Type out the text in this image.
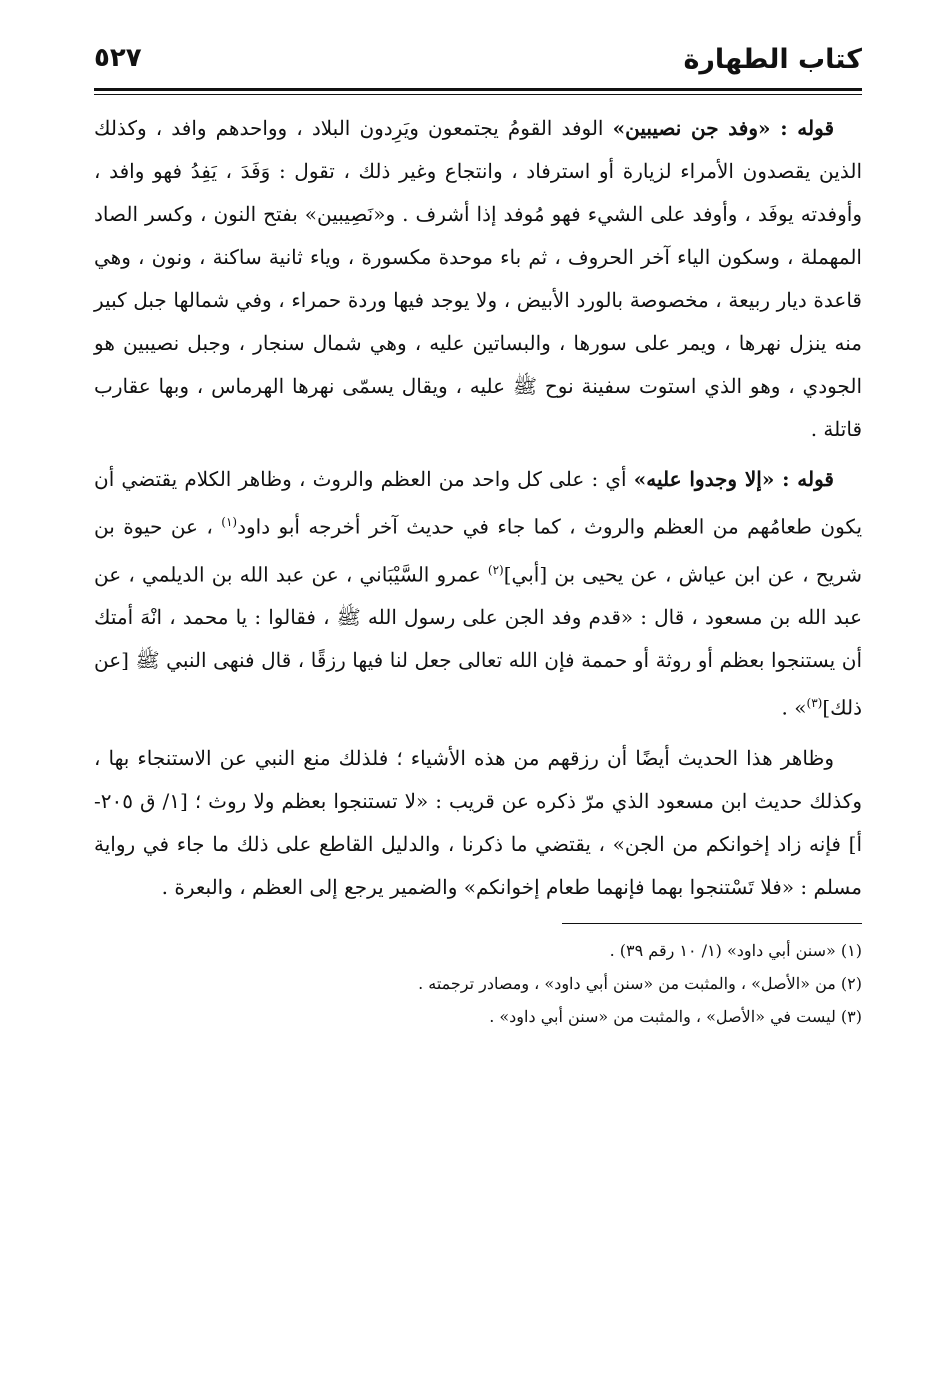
كتاب الطهارة
٥٢٧

قوله : «وفد جن نصيبين» الوفد القومُ يجتمعون ويَرِدون البلاد ، وواحدهم وافد ، وكذلك الذين يقصدون الأمراء لزيارة أو استرفاد ، وانتجاع وغير ذلك ، تقول : وَفَدَ ، يَفِدُ فهو وافد ، وأوفدته يوفَد ، وأوفد على الشيء فهو مُوفد إذا أشرف . و«نَصِيبين» بفتح النون ، وكسر الصاد المهملة ، وسكون الياء آخر الحروف ، ثم باء موحدة مكسورة ، وياء ثانية ساكنة ، ونون ، وهي قاعدة ديار ربيعة ، مخصوصة بالورد الأبيض ، ولا يوجد فيها وردة حمراء ، وفي شمالها جبل كبير منه ينزل نهرها ، ويمر على سورها ، والبساتين عليه ، وهي شمال سنجار ، وجبل نصيبين هو الجودي ، وهو الذي استوت سفينة نوح ﷺ عليه ، ويقال يسمّى نهرها الهرماس ، وبها عقارب قاتلة .

قوله : «إلا وجدوا عليه» أي : على كل واحد من العظم والروث ، وظاهر الكلام يقتضي أن يكون طعامُهم من العظم والروث ، كما جاء في حديث آخر أخرجه أبو داود$^{(١)}$ ، عن حيوة بن شريح ، عن ابن عياش ، عن يحيى بن [أبي]$^{(٢)}$ عمرو السَّيْبَاني ، عن عبد الله بن الديلمي ، عن عبد الله بن مسعود ، قال : «قدم وفد الجن على رسول الله ﷺ ، فقالوا : يا محمد ، انْهَ أمتك أن يستنجوا بعظم أو روثة أو حممة فإن الله تعالى جعل لنا فيها رزقًا ، قال فنهى النبي ﷺ [عن ذلك]$^{(٣)}$» .

وظاهر هذا الحديث أيضًا أن رزقهم من هذه الأشياء ؛ فلذلك منع النبي عن الاستنجاء بها ، وكذلك حديث ابن مسعود الذي مرّ ذكره عن قريب : «لا تستنجوا بعظم ولا روث ؛ [١/ ق ٢٠٥-أ] فإنه زاد إخوانكم من الجن» ، يقتضي ما ذكرنا ، والدليل القاطع على ذلك ما جاء في رواية مسلم : «فلا تَسْتنجوا بهما فإنهما طعام إخوانكم» والضمير يرجع إلى العظم ، والبعرة .

(١) «سنن أبي داود» (١/ ١٠ رقم ٣٩) .

(٢) من «الأصل» ، والمثبت من «سنن أبي داود» ، ومصادر ترجمته .

(٣) ليست في «الأصل» ، والمثبت من «سنن أبي داود» .
